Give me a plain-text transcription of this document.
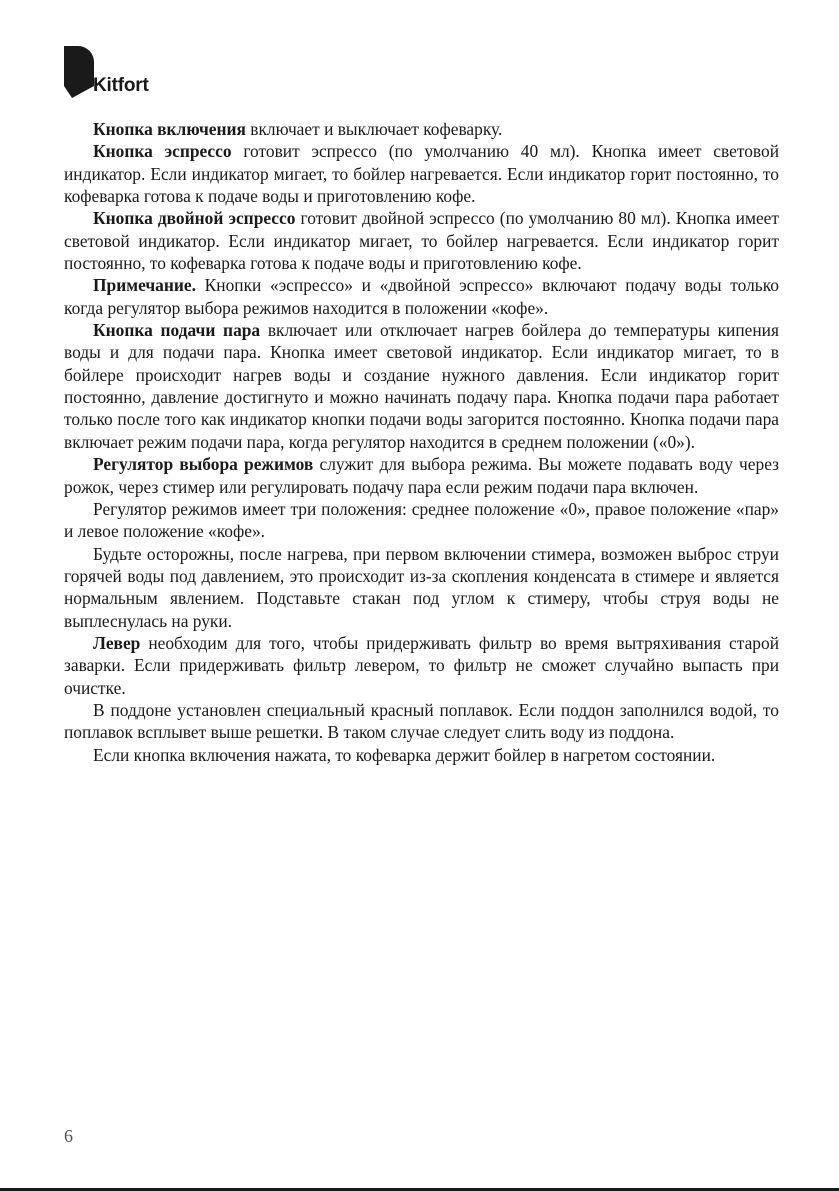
Kitfort

Кнопка включения включает и выключает кофеварку.

Кнопка эспрессо готовит эспрессо (по умолчанию 40 мл). Кнопка имеет световой индикатор. Если индикатор мигает, то бойлер нагревается. Если индикатор горит постоянно, то кофеварка готова к подаче воды и приготовлению кофе.

Кнопка двойной эспрессо готовит двойной эспрессо (по умолчанию 80 мл). Кнопка имеет световой индикатор. Если индикатор мигает, то бойлер нагревается. Если индикатор горит постоянно, то кофеварка готова к подаче воды и приготовлению кофе.

Примечание. Кнопки «эспрессо» и «двойной эспрессо» включают подачу воды только когда регулятор выбора режимов находится в положении «кофе».

Кнопка подачи пара включает или отключает нагрев бойлера до температуры кипения воды и для подачи пара. Кнопка имеет световой индикатор. Если индикатор мигает, то в бойлере происходит нагрев воды и создание нужного давления. Если индикатор горит постоянно, давление достигнуто и можно начинать подачу пара. Кнопка подачи пара работает только после того как индикатор кнопки подачи воды загорится постоянно. Кнопка подачи пара включает режим подачи пара, когда регулятор находится в среднем положении («0»).

Регулятор выбора режимов служит для выбора режима. Вы можете подавать воду через рожок, через стимер или регулировать подачу пара если режим подачи пара включен.

Регулятор режимов имеет три положения: среднее положение «0», правое положение «пар» и левое положение «кофе».

Будьте осторожны, после нагрева, при первом включении стимера, возможен выброс струи горячей воды под давлением, это происходит из-за скопления конденсата в стимере и является нормальным явлением. Подставьте стакан под углом к стимеру, чтобы струя воды не выплеснулась на руки.

Левер необходим для того, чтобы придерживать фильтр во время вытряхивания старой заварки. Если придерживать фильтр левером, то фильтр не сможет случайно выпасть при очистке.

В поддоне установлен специальный красный поплавок. Если поддон заполнился водой, то поплавок всплывет выше решетки. В таком случае следует слить воду из поддона.

Если кнопка включения нажата, то кофеварка держит бойлер в нагретом состоянии.

6
